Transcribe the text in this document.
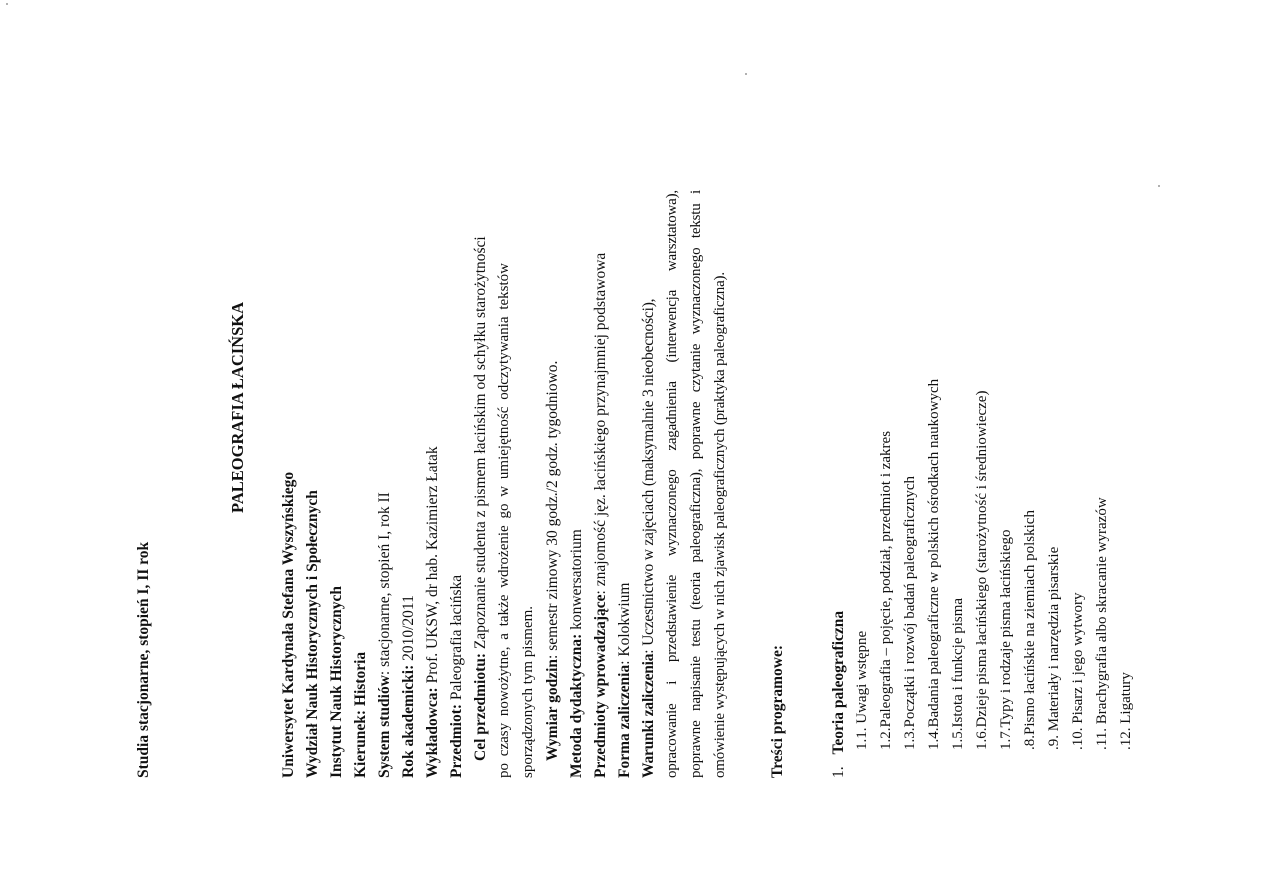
Studia stacjonarne, stopień I, II rok
PALEOGRAFIA ŁACIŃSKA
Uniwersytet Kardynała Stefana Wyszyńskiego Wydział Nauk Historycznych i Społecznych Instytut Nauk Historycznych Kierunek: Historia System studiów: stacjonarne, stopień I, rok II
Rok akademicki: 2010/2011
Wykładowca: Prof. UKSW, dr hab. Kazimierz Łatak
Przedmiot: Paleografia łacińska
Cel przedmiotu: Zapoznanie studenta z pismem łacińskim od schyłku starożytności po czasy nowożytne, a także wdrożenie go w umiejętność odczytywania tekstów sporządzonych tym pismem. Wymiar godzin: semestr zimowy 30 godz./2 godz. tygodniowo.
Metoda dydaktyczna: konwersatorium
Przedmioty wprowadzające: znajomość jęz. łacińskiego przynajmniej podstawowa
Forma zaliczenia: Kolokwium
Warunki zaliczenia: Uczestnictwo w zajęciach (maksymalnie 3 nieobecności), opracowanie i przedstawienie wyznaczonego zagadnienia (interwencja warsztatowa), poprawne napisanie testu (teoria paleograficzna), poprawne czytanie wyznaczonego tekstu i omówienie występujących w nich zjawisk paleograficznych (praktyka paleograficzna).	Treści programowe:	1. Teoria paleograficzna 1.1. Uwagi wstępne 1.2.Paleografia – pojęcie, podział, przedmiot i zakres 1.3.Początki i rozwój badań paleograficznych 1.4.Badania paleograficzne w polskich ośrodkach naukowych 1.5.Istota i funkcje pisma 1.6.Dzieje pisma łacińskiego (starożytność i średniowiecze) 1.7.Typy i rodzaje pisma łacińskiego .8.Pismo łacińskie na ziemiach polskich .9. Materiały i narzędzia pisarskie .10. Pisarz i jego wytwory .11. Brachygrafia albo skracanie wyrazów .12. Ligatury
